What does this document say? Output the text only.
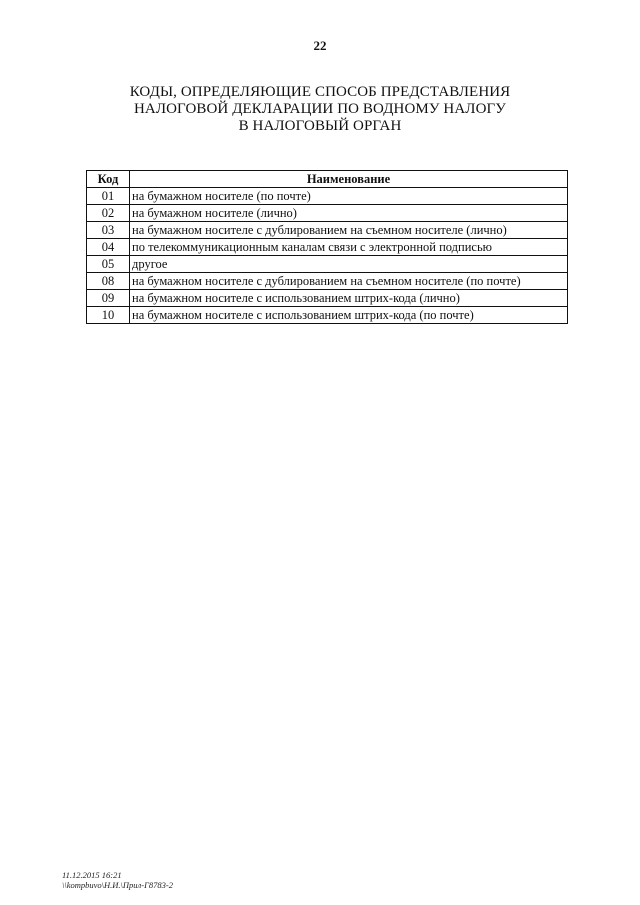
22
КОДЫ, ОПРЕДЕЛЯЮЩИЕ СПОСОБ ПРЕДСТАВЛЕНИЯ
НАЛОГОВОЙ ДЕКЛАРАЦИИ ПО ВОДНОМУ НАЛОГУ
В НАЛОГОВЫЙ ОРГАН
Код	Наименование
01	на бумажном носителе (по почте)
02	на бумажном носителе (лично)
03	на бумажном носителе с дублированием на съемном носителе (лично)
04	по телекоммуникационным каналам связи с электронной подписью
05	другое
08	на бумажном носителе с дублированием на съемном носителе (по почте)
09	на бумажном носителе с использованием штрих-кода (лично)
10	на бумажном носителе с использованием штрих-кода (по почте)
11.12.2015 16:21
\\kompbuvo\Н.И.\Прил-Г8783-2
